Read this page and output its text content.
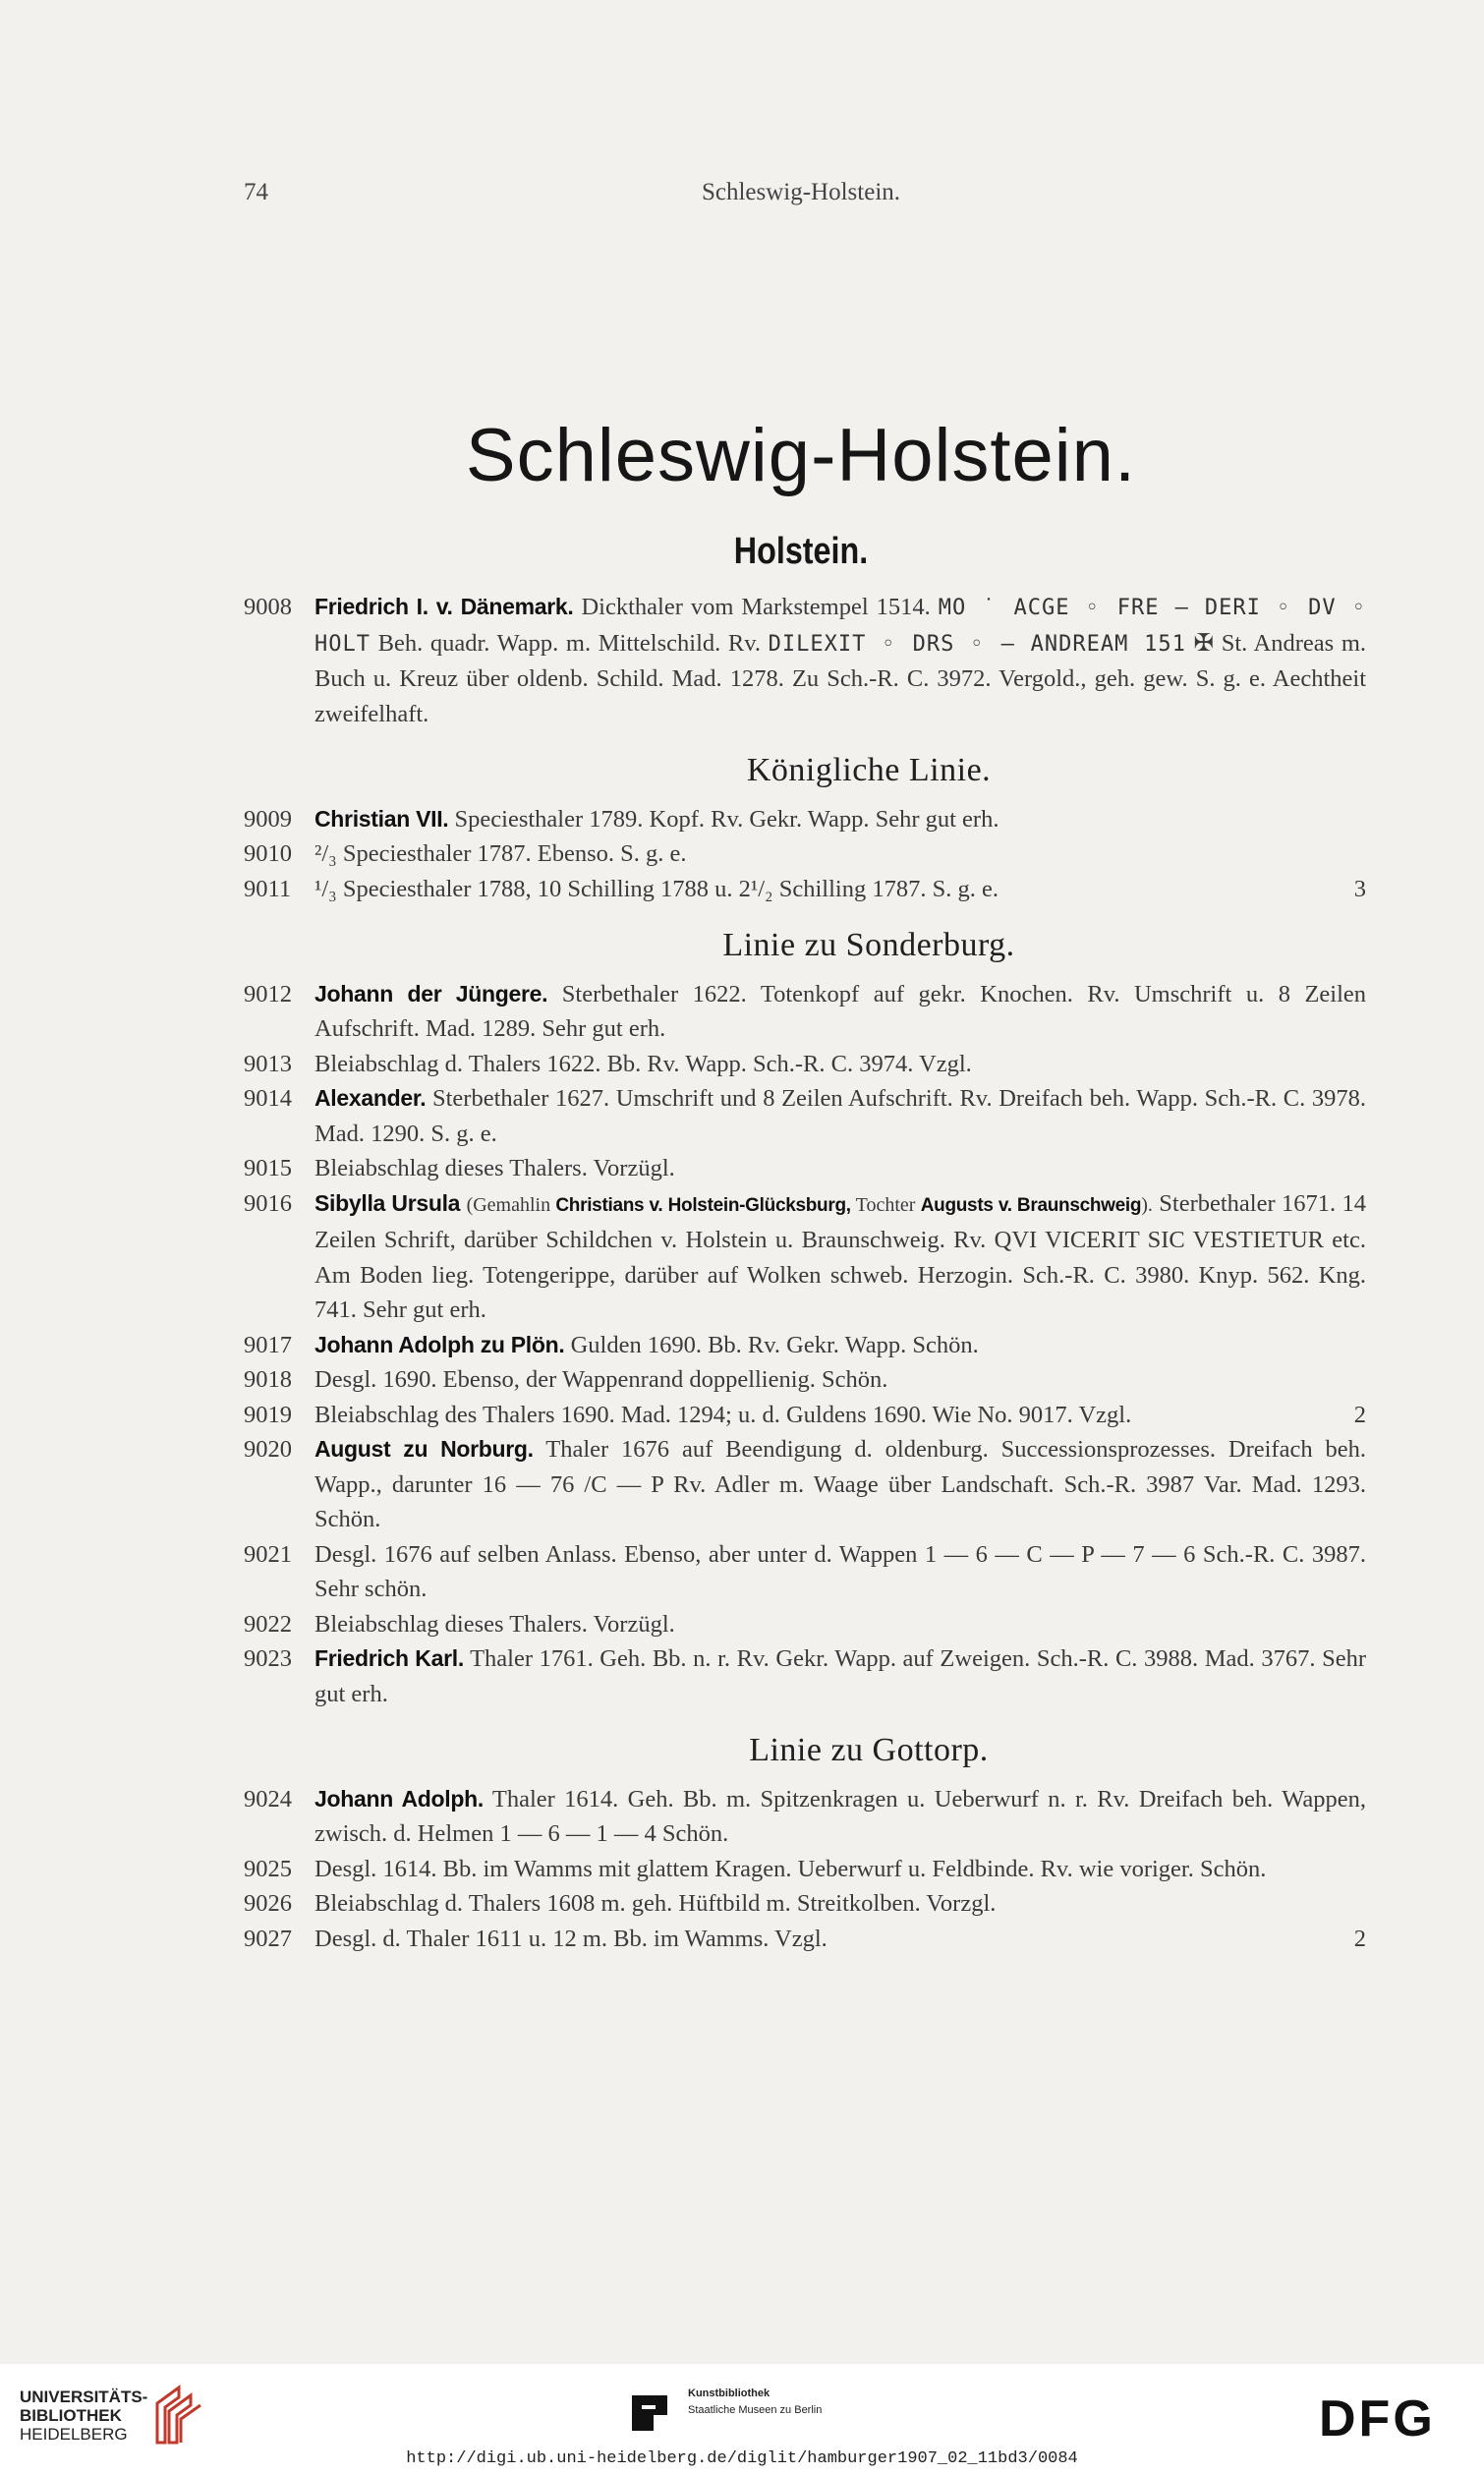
74	Schleswig-Holstein.
Schleswig-Holstein.
Holstein.
9008 Friedrich I. v. Dänemark. Dickthaler vom Markstempel 1514. MO ˙ ACGE ◦ FRE — DERI ◦ DV ◦ HOLT Beh. quadr. Wapp. m. Mittelschild. Rv. DILEXIT ◦ DRS ◦ — ANDREAM 151 ✠ St. Andreas m. Buch u. Kreuz über oldenb. Schild. Mad. 1278. Zu Sch.-R. C. 3972. Vergold., geh. gew. S. g. e. Aechtheit zweifelhaft.
Königliche Linie.
9009 Christian VII. Speciesthaler 1789. Kopf. Rv. Gekr. Wapp. Sehr gut erh.
9010 ²/₃ Speciesthaler 1787. Ebenso. S. g. e.
9011 ¹/₃ Speciesthaler 1788, 10 Schilling 1788 u. 2¹/₂ Schilling 1787. S. g. e.	3
Linie zu Sonderburg.
9012 Johann der Jüngere. Sterbethaler 1622. Totenkopf auf gekr. Knochen. Rv. Umschrift u. 8 Zeilen Aufschrift. Mad. 1289. Sehr gut erh.
9013 Bleiabschlag d. Thalers 1622. Bb. Rv. Wapp. Sch.-R. C. 3974. Vzgl.
9014 Alexander. Sterbethaler 1627. Umschrift und 8 Zeilen Aufschrift. Rv. Dreifach beh. Wapp. Sch.-R. C. 3978. Mad. 1290. S. g. e.
9015 Bleiabschlag dieses Thalers. Vorzügl.
9016 Sibylla Ursula (Gemahlin Christians v. Holstein-Glücksburg, Tochter Augusts v. Braunschweig). Sterbethaler 1671. 14 Zeilen Schrift, darüber Schildchen v. Holstein u. Braunschweig. Rv. QVI VICERIT SIC VESTIETUR etc. Am Boden lieg. Totengerippe, darüber auf Wolken schweb. Herzogin. Sch.-R. C. 3980. Knyp. 562. Kng. 741. Sehr gut erh.
9017 Johann Adolph zu Plön. Gulden 1690. Bb. Rv. Gekr. Wapp. Schön.
9018 Desgl. 1690. Ebenso, der Wappenrand doppellienig. Schön.
9019 Bleiabschlag des Thalers 1690. Mad. 1294; u. d. Guldens 1690. Wie No. 9017. Vzgl.	2
9020 August zu Norburg. Thaler 1676 auf Beendigung d. oldenburg. Successionsprozesses. Dreifach beh. Wapp., darunter 16 — 76 /C — P Rv. Adler m. Waage über Landschaft. Sch.-R. 3987 Var. Mad. 1293. Schön.
9021 Desgl. 1676 auf selben Anlass. Ebenso, aber unter d. Wappen 1 — 6 — C — P — 7 — 6 Sch.-R. C. 3987. Sehr schön.
9022 Bleiabschlag dieses Thalers. Vorzügl.
9023 Friedrich Karl. Thaler 1761. Geh. Bb. n. r. Rv. Gekr. Wapp. auf Zweigen. Sch.-R. C. 3988. Mad. 3767. Sehr gut erh.
Linie zu Gottorp.
9024 Johann Adolph. Thaler 1614. Geh. Bb. m. Spitzenkragen u. Ueberwurf n. r. Rv. Dreifach beh. Wappen, zwisch. d. Helmen 1 — 6 — 1 — 4 Schön.
9025 Desgl. 1614. Bb. im Wamms mit glattem Kragen. Ueberwurf u. Feldbinde. Rv. wie voriger. Schön.
9026 Bleiabschlag d. Thalers 1608 m. geh. Hüftbild m. Streitkolben. Vorzgl.
9027 Desgl. d. Thaler 1611 u. 12 m. Bb. im Wamms. Vzgl.	2
UNIVERSITÄTS-
BIBLIOTHEK
HEIDELBERG
Kunstbibliothek
Staatliche Museen zu Berlin	DFG
http://digi.ub.uni-heidelberg.de/diglit/hamburger1907_02_11bd3/0084
